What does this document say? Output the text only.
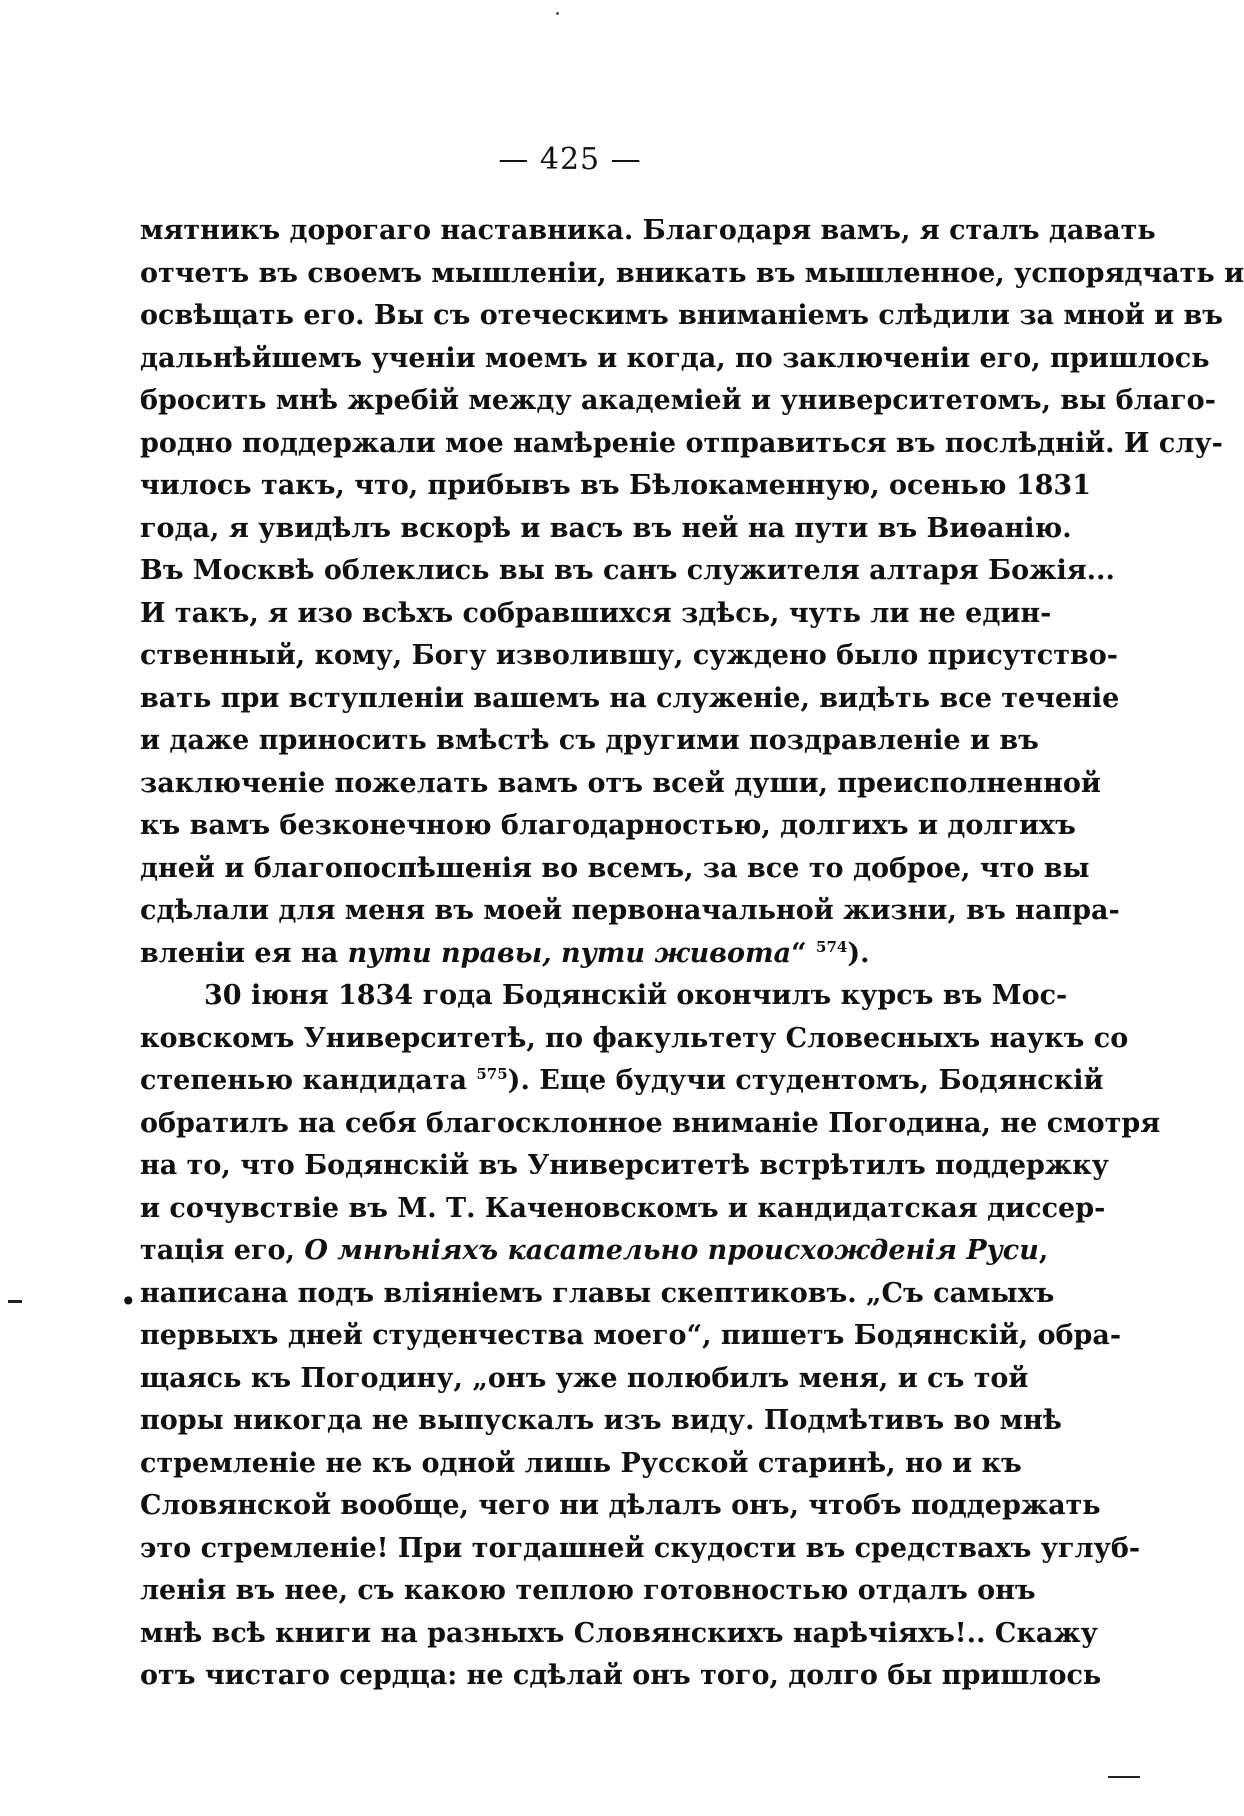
— 425 —
мятникъ дорогаго наставника. Благодаря вамъ, я сталъ давать
отчетъ въ своемъ мышленіи, вникать въ мышленное, успорядчать и
освѣщать его. Вы съ отеческимъ вниманіемъ слѣдили за мной и въ
дальнѣйшемъ ученіи моемъ и когда, по заключеніи его, пришлось
бросить мнѣ жребій между академіей и университетомъ, вы благо-
родно поддержали мое намѣреніе отправиться въ послѣдній. И слу-
чилось такъ, что, прибывъ въ Бѣлокаменную, осенью 1831
года, я увидѣлъ вскорѣ и васъ въ ней на пути въ Виѳанію.
Въ Москвѣ облеклись вы въ санъ служителя алтаря Божія...
И такъ, я изо всѣхъ собравшихся здѣсь, чуть ли не един-
ственный, кому, Богу изволившу, суждено было присутство-
вать при вступленіи вашемъ на служеніе, видѣть все теченіе
и даже приносить вмѣстѣ съ другими поздравленіе и въ
заключеніе пожелать вамъ отъ всей души, преисполненной
къ вамъ безконечною благодарностью, долгихъ и долгихъ
дней и благопоспѣшенія во всемъ, за все то доброе, что вы
сдѣлали для меня въ моей первоначальной жизни, въ напра-
вленіи ея на пути правы, пути живота“ $^{574}$).
30 іюня 1834 года Бодянскій окончилъ курсъ въ Мос-
ковскомъ Университетѣ, по факультету Словесныхъ наукъ со
степенью кандидата $^{575}$). Еще будучи студентомъ, Бодянскій
обратилъ на себя благосклонное вниманіе Погодина, не смотря
на то, что Бодянскій въ Университетѣ встрѣтилъ поддержку
и сочувствіе въ М. Т. Каченовскомъ и кандидатская диссер-
тація его, О мнѣніяхъ касательно происхожденія Руси,
написана подъ вліяніемъ главы скептиковъ. „Съ самыхъ
первыхъ дней студенчества моего“, пишетъ Бодянскій, обра-
щаясь къ Погодину, „онъ уже полюбилъ меня, и съ той
поры никогда не выпускалъ изъ виду. Подмѣтивъ во мнѣ
стремленіе не къ одной лишь Русской старинѣ, но и къ
Словянской вообще, чего ни дѣлалъ онъ, чтобъ поддержать
это стремленіе! При тогдашней скудости въ средствахъ углуб-
ленія въ нее, съ какою теплою готовностью отдалъ онъ
мнѣ всѣ книги на разныхъ Словянскихъ нарѣчіяхъ!.. Скажу
отъ чистаго сердца: не сдѣлай онъ того, долго бы пришлось
•
